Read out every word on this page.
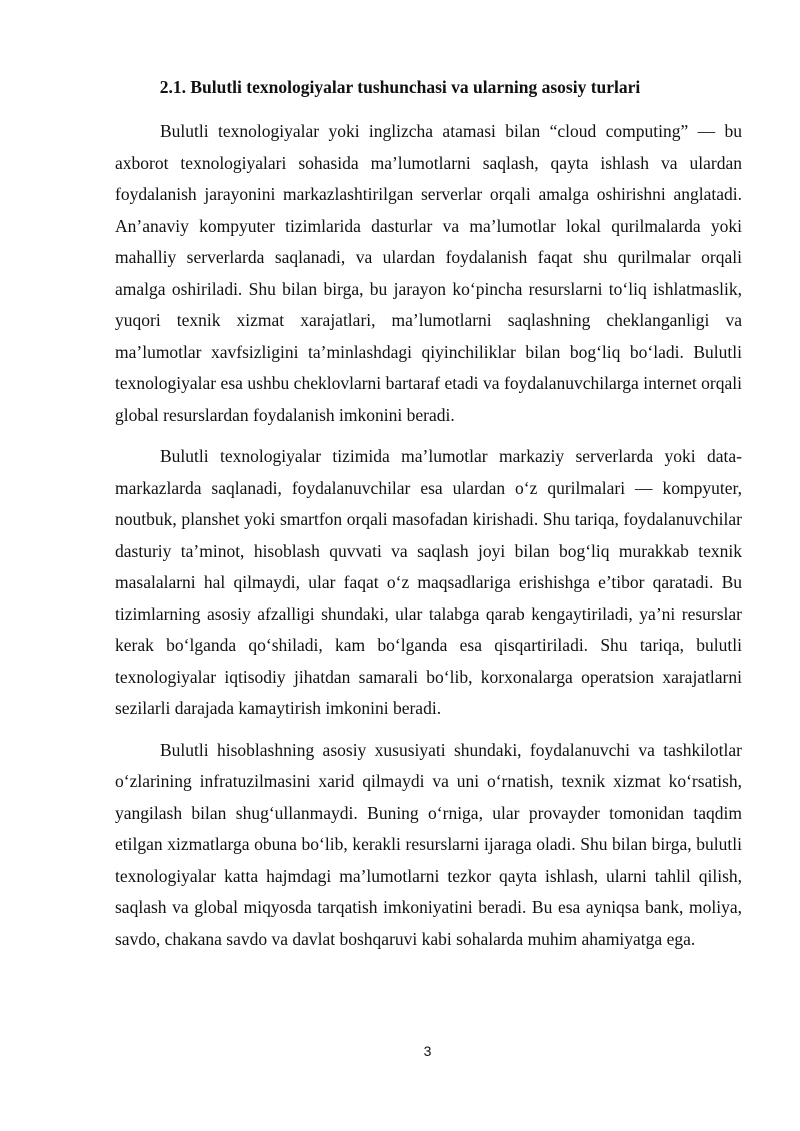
2.1. Bulutli texnologiyalar tushunchasi va ularning asosiy turlari

Bulutli texnologiyalar yoki inglizcha atamasi bilan “cloud computing” — bu axborot texnologiyalari sohasida ma’lumotlarni saqlash, qayta ishlash va ulardan foydalanish jarayonini markazlashtirilgan serverlar orqali amalga oshirishni anglatadi. An’anaviy kompyuter tizimlarida dasturlar va ma’lumotlar lokal qurilmalarda yoki mahalliy serverlarda saqlanadi, va ulardan foydalanish faqat shu qurilmalar orqali amalga oshiriladi. Shu bilan birga, bu jarayon ko‘pincha resurslarni to‘liq ishlatmaslik, yuqori texnik xizmat xarajatlari, ma’lumotlarni saqlashning cheklanganligi va ma’lumotlar xavfsizligini ta’minlashdagi qiyinchiliklar bilan bog‘liq bo‘ladi. Bulutli texnologiyalar esa ushbu cheklovlarni bartaraf etadi va foydalanuvchilarga internet orqali global resurslardan foydalanish imkonini beradi.

Bulutli texnologiyalar tizimida ma’lumotlar markaziy serverlarda yoki data-markazlarda saqlanadi, foydalanuvchilar esa ulardan o‘z qurilmalari — kompyuter, noutbuk, planshet yoki smartfon orqali masofadan kirishadi. Shu tariqa, foydalanuvchilar dasturiy ta’minot, hisoblash quvvati va saqlash joyi bilan bog‘liq murakkab texnik masalalarni hal qilmaydi, ular faqat o‘z maqsadlariga erishishga e’tibor qaratadi. Bu tizimlarning asosiy afzalligi shundaki, ular talabga qarab kengaytiriladi, ya’ni resurslar kerak bo‘lganda qo‘shiladi, kam bo‘lganda esa qisqartiriladi. Shu tariqa, bulutli texnologiyalar iqtisodiy jihatdan samarali bo‘lib, korxonalarga operatsion xarajatlarni sezilarli darajada kamaytirish imkonini beradi.

Bulutli hisoblashning asosiy xususiyati shundaki, foydalanuvchi va tashkilotlar o‘zlarining infratuzilmasini xarid qilmaydi va uni o‘rnatish, texnik xizmat ko‘rsatish, yangilash bilan shug‘ullanmaydi. Buning o‘rniga, ular provayder tomonidan taqdim etilgan xizmatlarga obuna bo‘lib, kerakli resurslarni ijaraga oladi. Shu bilan birga, bulutli texnologiyalar katta hajmdagi ma’lumotlarni tezkor qayta ishlash, ularni tahlil qilish, saqlash va global miqyosda tarqatish imkoniyatini beradi. Bu esa ayniqsa bank, moliya, savdo, chakana savdo va davlat boshqaruvi kabi sohalarda muhim ahamiyatga ega.

3
